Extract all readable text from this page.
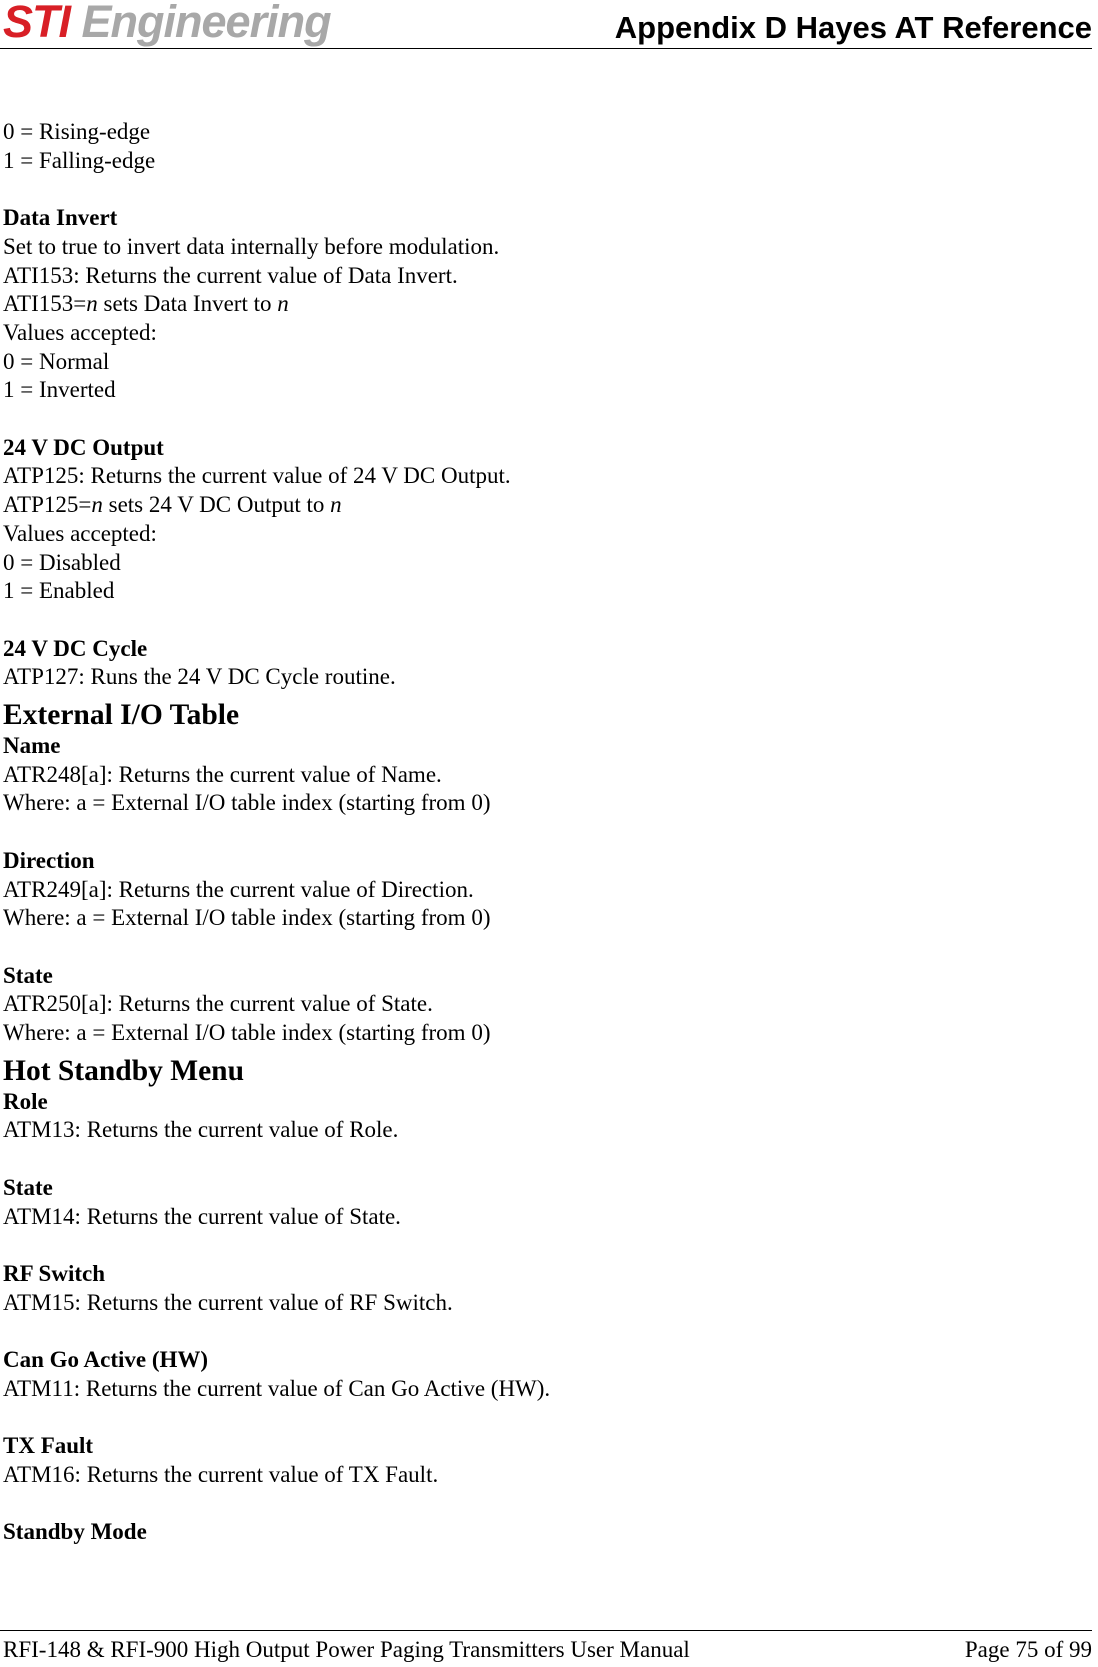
STI Engineering	Appendix D Hayes AT Reference
0 = Rising-edge
1 = Falling-edge
Data Invert
Set to true to invert data internally before modulation.
ATI153: Returns the current value of Data Invert.
ATI153=n sets Data Invert to n
Values accepted:
0 = Normal
1 = Inverted
24 V DC Output
ATP125: Returns the current value of 24 V DC Output.
ATP125=n sets 24 V DC Output to n
Values accepted:
0 = Disabled
1 = Enabled
24 V DC Cycle
ATP127: Runs the 24 V DC Cycle routine.
External I/O Table
Name
ATR248[a]: Returns the current value of Name.
Where: a = External I/O table index (starting from 0)
Direction
ATR249[a]: Returns the current value of Direction.
Where: a = External I/O table index (starting from 0)
State
ATR250[a]: Returns the current value of State.
Where: a = External I/O table index (starting from 0)
Hot Standby Menu
Role
ATM13: Returns the current value of Role.
State
ATM14: Returns the current value of State.
RF Switch
ATM15: Returns the current value of RF Switch.
Can Go Active (HW)
ATM11: Returns the current value of Can Go Active (HW).
TX Fault
ATM16: Returns the current value of TX Fault.
Standby Mode
RFI-148 & RFI-900 High Output Power Paging Transmitters User Manual	Page 75 of 99
